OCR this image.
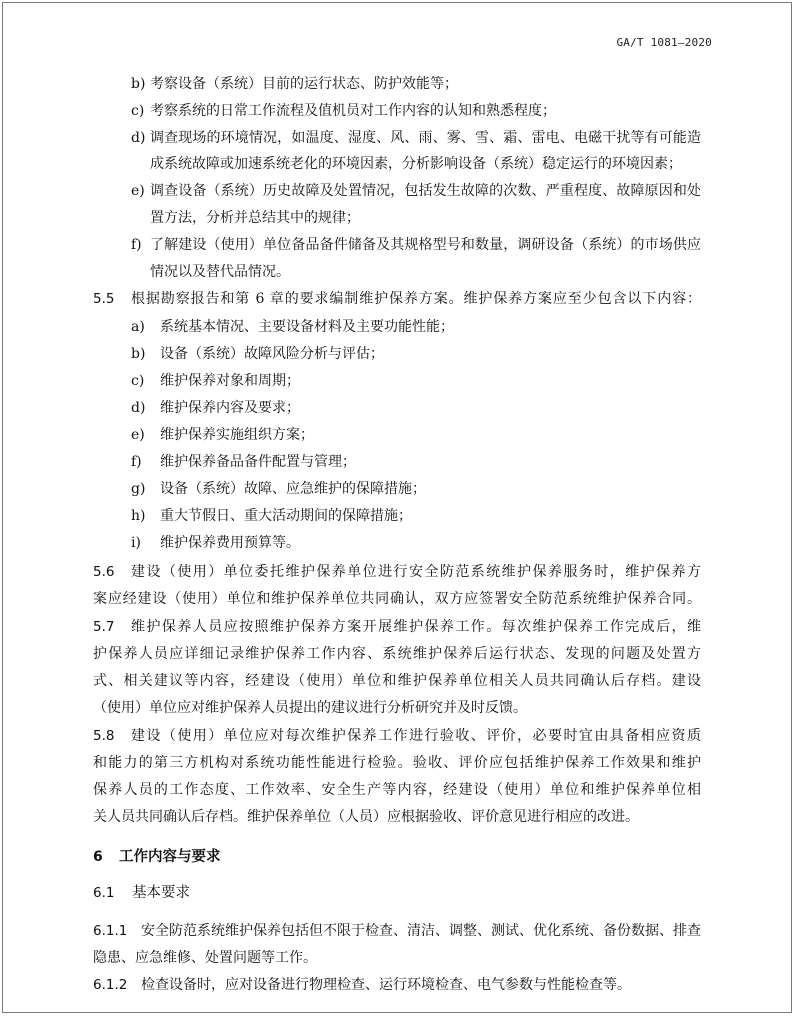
GA/T 1081—2020
b) 考察设备（系统）目前的运行状态、防护效能等；
c) 考察系统的日常工作流程及值机员对工作内容的认知和熟悉程度；
d) 调查现场的环境情况，如温度、湿度、风、雨、雾、雪、霜、雷电、电磁干扰等有可能造
成系统故障或加速系统老化的环境因素，分析影响设备（系统）稳定运行的环境因素；
e) 调查设备（系统）历史故障及处置情况，包括发生故障的次数、严重程度、故障原因和处
置方法，分析并总结其中的规律；
f) 了解建设（使用）单位备品备件储备及其规格型号和数量，调研设备（系统）的市场供应
情况以及替代品情况。
5.5 根据勘察报告和第 6 章的要求编制维护保养方案。维护保养方案应至少包含以下内容：
a) 系统基本情况、主要设备材料及主要功能性能；
b) 设备（系统）故障风险分析与评估；
c) 维护保养对象和周期；
d) 维护保养内容及要求；
e) 维护保养实施组织方案；
f) 维护保养备品备件配置与管理；
g) 设备（系统）故障、应急维护的保障措施；
h) 重大节假日、重大活动期间的保障措施；
i) 维护保养费用预算等。
5.6 建设（使用）单位委托维护保养单位进行安全防范系统维护保养服务时，维护保养方
案应经建设（使用）单位和维护保养单位共同确认，双方应签署安全防范系统维护保养合同。
5.7 维护保养人员应按照维护保养方案开展维护保养工作。每次维护保养工作完成后，维
护保养人员应详细记录维护保养工作内容、系统维护保养后运行状态、发现的问题及处置方
式、相关建议等内容，经建设（使用）单位和维护保养单位相关人员共同确认后存档。建设
（使用）单位应对维护保养人员提出的建议进行分析研究并及时反馈。
5.8 建设（使用）单位应对每次维护保养工作进行验收、评价，必要时宜由具备相应资质
和能力的第三方机构对系统功能性能进行检验。验收、评价应包括维护保养工作效果和维护
保养人员的工作态度、工作效率、安全生产等内容，经建设（使用）单位和维护保养单位相
关人员共同确认后存档。维护保养单位（人员）应根据验收、评价意见进行相应的改进。
6 工作内容与要求
6.1 基本要求
6.1.1 安全防范系统维护保养包括但不限于检查、清洁、调整、测试、优化系统、备份数据、排查
隐患、应急维修、处置问题等工作。
6.1.2 检查设备时，应对设备进行物理检查、运行环境检查、电气参数与性能检查等。
